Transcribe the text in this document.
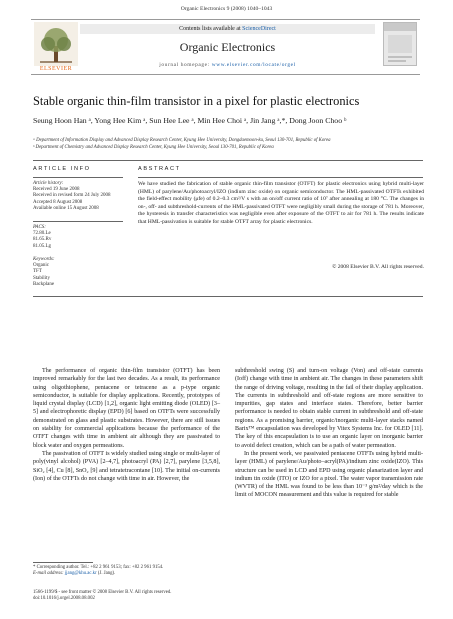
Organic Electronics 9 (2008) 1040–1043
ELSEVIER
Contents lists available at ScienceDirect
Organic Electronics
journal homepage: www.elsevier.com/locate/orgel
Stable organic thin-film transistor in a pixel for plastic electronics
Seung Hoon Han ᵃ, Yong Hee Kim ᵃ, Sun Hee Lee ᵃ, Min Hee Choi ᵃ, Jin Jang ᵃ,*, Dong Joon Choo ᵇ
ᵃ Department of Information Display and Advanced Display Research Center, Kyung Hee University, Dongdaemoon-ku, Seoul 130-701, Republic of Korea
ᵇ Department of Chemistry and Advanced Display Research Center, Kyung Hee University, Seoul 130-701, Republic of Korea
ARTICLE INFO
Article history:
Received 19 June 2008
Received in revised form 24 July 2008
Accepted 8 August 2008
Available online 15 August 2008
PACS:
72.80.Le
81.65.Rv
81.05.Lg
Keywords:
Organic
TFT
Stability
Backplane
ABSTRACT
We have studied the fabrication of stable organic thin-film transistor (OTFT) for plastic electronics using hybrid multi-layer (HML) of parylene/Au/photoacryl/IZO (indium zinc oxide) on organic semiconductor. The HML-passivated OTFTs exhibited the field-effect mobility (μfe) of 0.2–0.3 cm²/V s with an on/off current ratio of 10⁷ after annealing at 180 °C. The changes in on-, off- and subthreshold-currents of the HML-passivated OTFT were negligibly small during the storage of 781 h. Moreover, the hysteresis in transfer characteristics was negligible even after exposure of the OTFT to air for 781 h. The results indicate that HML-passivation is suitable for stable OTFT array for plastic electronics.
© 2008 Elsevier B.V. All rights reserved.

The performance of organic thin-film transistor (OTFT) has been improved remarkably for the last two decades. As a result, its performance using oligothiophene, pentacene or tetracene as a p-type organic semiconductor, is suitable for display applications. Recently, prototypes of liquid crystal display (LCD) [1,2], organic light emitting diode (OLED) [3–5] and electrophoretic display (EPD) [6] based on OTFTs were successfully demonstrated on glass and plastic substrates. However, there are still issues on stability for commercial applications because the performance of the OTFT changes with time in ambient air although they are passivated to block water and oxygen permeations.

The passivation of OTFT is widely studied using single or multi-layer of poly(vinyl alcohol) (PVA) [2–4,7], photoacryl (PA) [2,7], parylene [3,5,8], SiO₂ [4], Cu [8], SnO₂ [9] and tetratetracontane [10]. The initial on-currents (Ion) of the OTFTs do not change with time in air. However, the

subthreshold swing (S) and turn-on voltage (Von) and off-state currents (Ioff) change with time in ambient air. The changes in these parameters shift the range of driving voltage, resulting in the fail of their display application. The currents in subthreshold and off-state regions are more sensitive to impurities, gap states and interface states. Therefore, better barrier performance is needed to obtain stable current in subthreshold and off-state regions. As a promising barrier, organic/inorganic multi-layer stacks named Barix™ encapsulation was developed by Vitex Systems Inc. for OLED [11]. The key of this encapsulation is to use an organic layer on inorganic barrier to avoid defect creation, which can be a path of water permeation.

In the present work, we passivated pentacene OTFTs using hybrid multi-layer (HML) of parylene/Au/photo–acryl(PA)/indium zinc oxide(IZO). This structure can be used in LCD and EPD using organic planarization layer and indium tin oxide (ITO) or IZO for a pixel. The water vapor transmission rate (WVTR) of the HML was found to be less than 10⁻³ g/m²/day which is the limit of MOCON measurement and this value is required for stable

* Corresponding author. Tel.: +82 2 961 9153; fax: +82 2 961 9154.
E-mail address: jjang@khu.ac.kr (J. Jang).
1566-1199/$ - see front matter © 2008 Elsevier B.V. All rights reserved.
doi:10.1016/j.orgel.2008.08.002
